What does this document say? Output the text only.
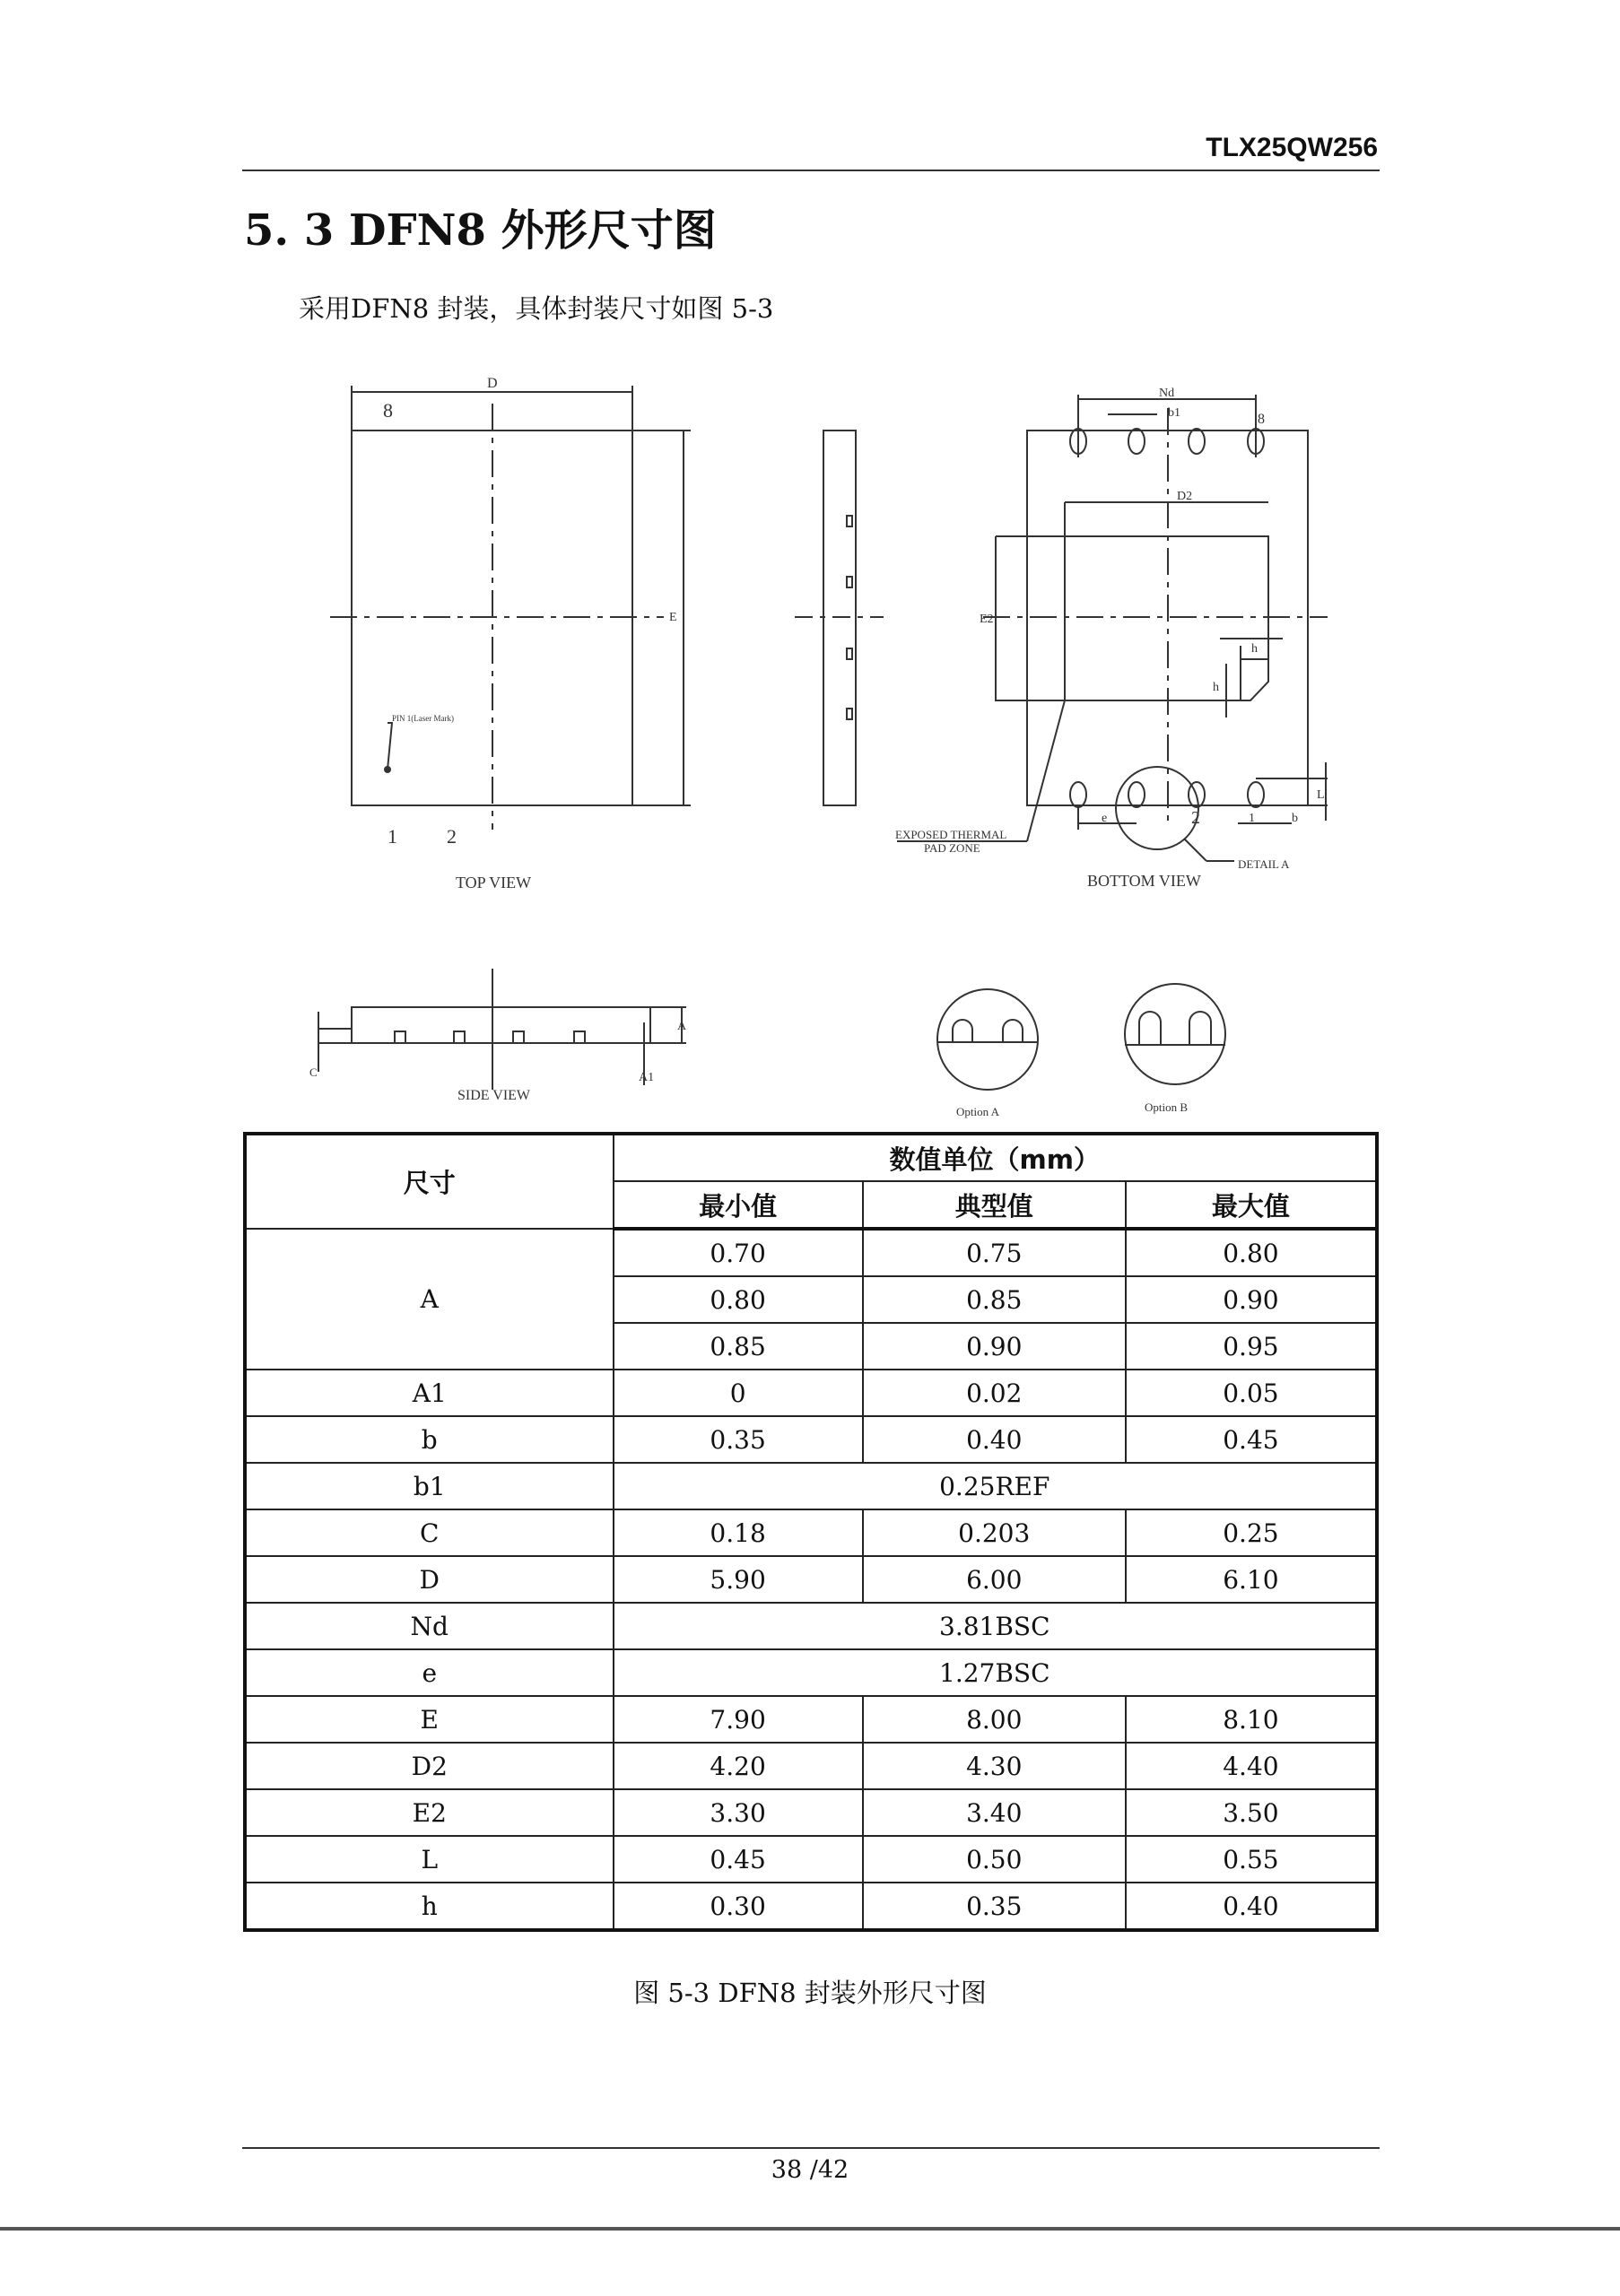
TLX25QW256
5. 3 DFN8 外形尺寸图
采用DFN8 封装，具体封装尺寸如图 5-3
D
E
8
1	2
PIN 1(Laser Mark)
TOP VIEW
Nd
b1	8
D2
E2
h
h
e	2	1	b
L
EXPOSED THERMAL
PAD ZONE
DETAIL A
BOTTOM VIEW
C
A
A1
SIDE VIEW
Option A	Option B
尺寸	数值单位（mm）		
	最小值	典型值	最大值
A	0.70	0.75	0.80
	0.80	0.85	0.90
	0.85	0.90	0.95
A1	0	0.02	0.05
b	0.35	0.40	0.45
b1	0.25REF		
C	0.18	0.203	0.25
D	5.90	6.00	6.10
Nd	3.81BSC		
e	1.27BSC		
E	7.90	8.00	8.10
D2	4.20	4.30	4.40
E2	3.30	3.40	3.50
L	0.45	0.50	0.55
h	0.30	0.35	0.40
图 5-3 DFN8 封装外形尺寸图
38 /42
